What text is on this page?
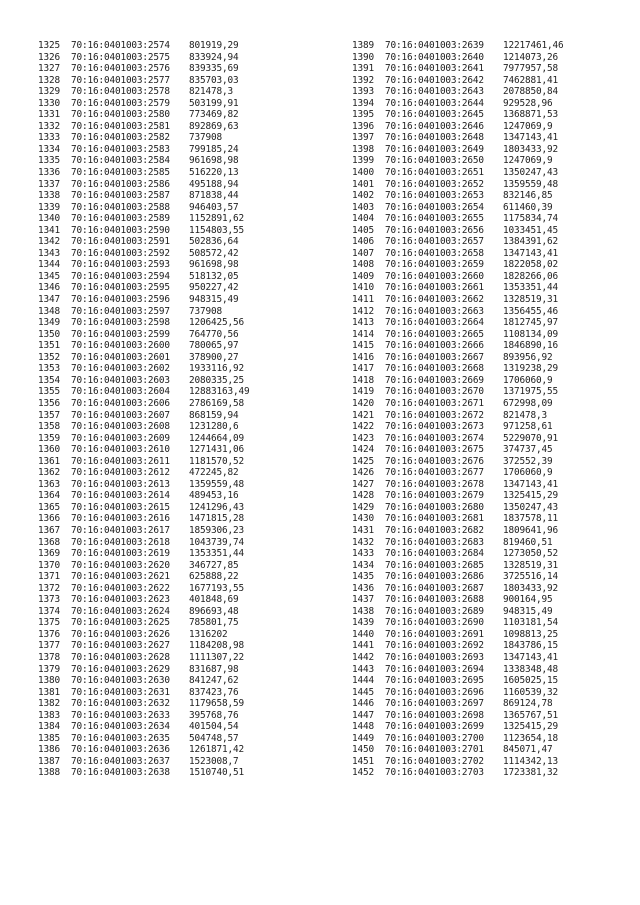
1325 70:16:0401003:2574 801919,29
1326 70:16:0401003:2575 833924,94
1327 70:16:0401003:2576 839335,69
1328 70:16:0401003:2577 835703,03
1329 70:16:0401003:2578 821478,3
1330 70:16:0401003:2579 503199,91
1331 70:16:0401003:2580 773469,82
1332 70:16:0401003:2581 892869,63
1333 70:16:0401003:2582 737908
1334 70:16:0401003:2583 799185,24
1335 70:16:0401003:2584 961698,98
1336 70:16:0401003:2585 516220,13
1337 70:16:0401003:2586 495188,94
1338 70:16:0401003:2587 871838,44
1339 70:16:0401003:2588 946403,57
1340 70:16:0401003:2589 1152891,62
1341 70:16:0401003:2590 1154803,55
1342 70:16:0401003:2591 502836,64
1343 70:16:0401003:2592 508572,42
1344 70:16:0401003:2593 961698,98
1345 70:16:0401003:2594 518132,05
1346 70:16:0401003:2595 950227,42
1347 70:16:0401003:2596 948315,49
1348 70:16:0401003:2597 737908
1349 70:16:0401003:2598 1206425,56
1350 70:16:0401003:2599 764770,56
1351 70:16:0401003:2600 780065,97
1352 70:16:0401003:2601 378900,27
1353 70:16:0401003:2602 1933116,92
1354 70:16:0401003:2603 2080335,25
1355 70:16:0401003:2604 12883163,49
1356 70:16:0401003:2606 2786169,58
1357 70:16:0401003:2607 868159,94
1358 70:16:0401003:2608 1231280,6
1359 70:16:0401003:2609 1244664,09
1360 70:16:0401003:2610 1271431,06
1361 70:16:0401003:2611 1181570,52
1362 70:16:0401003:2612 472245,82
1363 70:16:0401003:2613 1359559,48
1364 70:16:0401003:2614 489453,16
1365 70:16:0401003:2615 1241296,43
1366 70:16:0401003:2616 1471815,28
1367 70:16:0401003:2617 1859306,23
1368 70:16:0401003:2618 1043739,74
1369 70:16:0401003:2619 1353351,44
1370 70:16:0401003:2620 346727,85
1371 70:16:0401003:2621 625888,22
1372 70:16:0401003:2622 1677193,55
1373 70:16:0401003:2623 401848,69
1374 70:16:0401003:2624 896693,48
1375 70:16:0401003:2625 785801,75
1376 70:16:0401003:2626 1316202
1377 70:16:0401003:2627 1184208,98
1378 70:16:0401003:2628 1111307,22
1379 70:16:0401003:2629 831687,98
1380 70:16:0401003:2630 841247,62
1381 70:16:0401003:2631 837423,76
1382 70:16:0401003:2632 1179658,59
1383 70:16:0401003:2633 395768,76
1384 70:16:0401003:2634 401504,54
1385 70:16:0401003:2635 504748,57
1386 70:16:0401003:2636 1261871,42
1387 70:16:0401003:2637 1523008,7
1388 70:16:0401003:2638 1510740,51
1389 70:16:0401003:2639 12217461,46
1390 70:16:0401003:2640 1214073,26
1391 70:16:0401003:2641 7977957,58
1392 70:16:0401003:2642 7462881,41
1393 70:16:0401003:2643 2078850,84
1394 70:16:0401003:2644 929528,96
1395 70:16:0401003:2645 1368871,53
1396 70:16:0401003:2646 1247069,9
1397 70:16:0401003:2648 1347143,41
1398 70:16:0401003:2649 1803433,92
1399 70:16:0401003:2650 1247069,9
1400 70:16:0401003:2651 1350247,43
1401 70:16:0401003:2652 1359559,48
1402 70:16:0401003:2653 832146,85
1403 70:16:0401003:2654 611460,39
1404 70:16:0401003:2655 1175834,74
1405 70:16:0401003:2656 1033451,45
1406 70:16:0401003:2657 1384391,62
1407 70:16:0401003:2658 1347143,41
1408 70:16:0401003:2659 1822058,02
1409 70:16:0401003:2660 1828266,06
1410 70:16:0401003:2661 1353351,44
1411 70:16:0401003:2662 1328519,31
1412 70:16:0401003:2663 1356455,46
1413 70:16:0401003:2664 1812745,97
1414 70:16:0401003:2665 1108134,09
1415 70:16:0401003:2666 1846890,16
1416 70:16:0401003:2667 893956,92
1417 70:16:0401003:2668 1319238,29
1418 70:16:0401003:2669 1706060,9
1419 70:16:0401003:2670 1371975,55
1420 70:16:0401003:2671 672998,09
1421 70:16:0401003:2672 821478,3
1422 70:16:0401003:2673 971258,61
1423 70:16:0401003:2674 5229070,91
1424 70:16:0401003:2675 374737,45
1425 70:16:0401003:2676 372552,39
1426 70:16:0401003:2677 1706060,9
1427 70:16:0401003:2678 1347143,41
1428 70:16:0401003:2679 1325415,29
1429 70:16:0401003:2680 1350247,43
1430 70:16:0401003:2681 1837578,11
1431 70:16:0401003:2682 1809641,96
1432 70:16:0401003:2683 819460,51
1433 70:16:0401003:2684 1273050,52
1434 70:16:0401003:2685 1328519,31
1435 70:16:0401003:2686 3725516,14
1436 70:16:0401003:2687 1803433,92
1437 70:16:0401003:2688 900164,95
1438 70:16:0401003:2689 948315,49
1439 70:16:0401003:2690 1103181,54
1440 70:16:0401003:2691 1098813,25
1441 70:16:0401003:2692 1843786,15
1442 70:16:0401003:2693 1347143,41
1443 70:16:0401003:2694 1338348,48
1444 70:16:0401003:2695 1605025,15
1445 70:16:0401003:2696 1160539,32
1446 70:16:0401003:2697 869124,78
1447 70:16:0401003:2698 1365767,51
1448 70:16:0401003:2699 1325415,29
1449 70:16:0401003:2700 1123654,18
1450 70:16:0401003:2701 845071,47
1451 70:16:0401003:2702 1114342,13
1452 70:16:0401003:2703 1723381,32
